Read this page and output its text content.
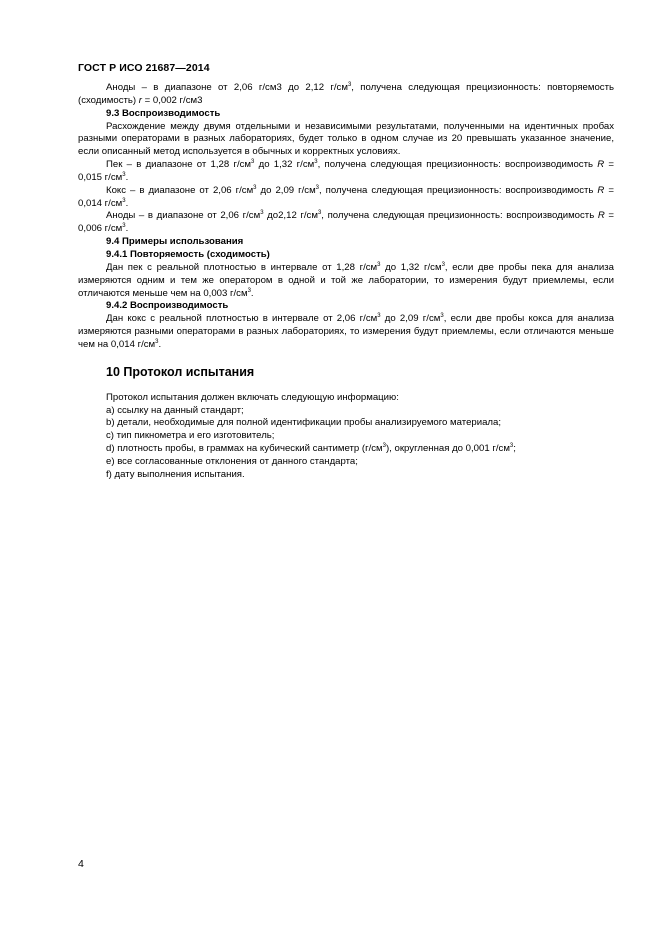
ГОСТ Р ИСО 21687—2014

Аноды – в диапазоне от 2,06 г/см3 до 2,12 $г/см^3$, получена следующая прецизионность: повторяемость (сходимость) r = 0,002 г/см3

9.3 Воспроизводимость

Расхождение между двумя отдельными и независимыми результатами, полученными на идентичных пробах разными операторами в разных лабораториях, будет только в одном случае из 20 превышать указанное значение, если описанный метод используется в обычных и корректных условиях.

Пек – в диапазоне от 1,28 $г/см^3$ до 1,32 $г/см^3$, получена следующая прецизионность: воспроизводимость R = 0,015 $г/см^3$.

Кокс – в диапазоне от 2,06 $г/см^3$ до 2,09 $г/см^3$, получена следующая прецизионность: воспроизводимость R = 0,014 $г/см^3$.

Аноды – в диапазоне от 2,06 $г/см^3$ до2,12 $г/см^3$, получена следующая прецизионность: воспроизводимость R = 0,006 $г/см^3$.

9.4 Примеры использования

9.4.1 Повторяемость (сходимость)

Дан пек с реальной плотностью в интервале от 1,28 $г/см^3$ до 1,32 $г/см^3$, если две пробы пека для анализа измеряются одним и тем же оператором в одной и той же лаборатории, то измерения будут приемлемы, если отличаются меньше чем на 0,003 $г/см^3$.

9.4.2 Воспроизводимость

Дан кокс с реальной плотностью в интервале от 2,06 $г/см^3$ до 2,09 $г/см^3$, если две пробы кокса для анализа измеряются разными операторами в разных лабораториях, то измерения будут приемлемы, если отличаются меньше чем на 0,014 $г/см^3$.

10 Протокол испытания
Протокол испытания должен включать следующую информацию:
a) ссылку на данный стандарт;
b) детали, необходимые для полной идентификации пробы анализируемого материала;
c) тип пикнометра и его изготовитель;
d) плотность пробы, в граммах на кубический сантиметр $(г/см^3)$, округленная до 0,001 $г/см^3$;
e) все согласованные отклонения от данного стандарта;
f) дату выполнения испытания.
4
